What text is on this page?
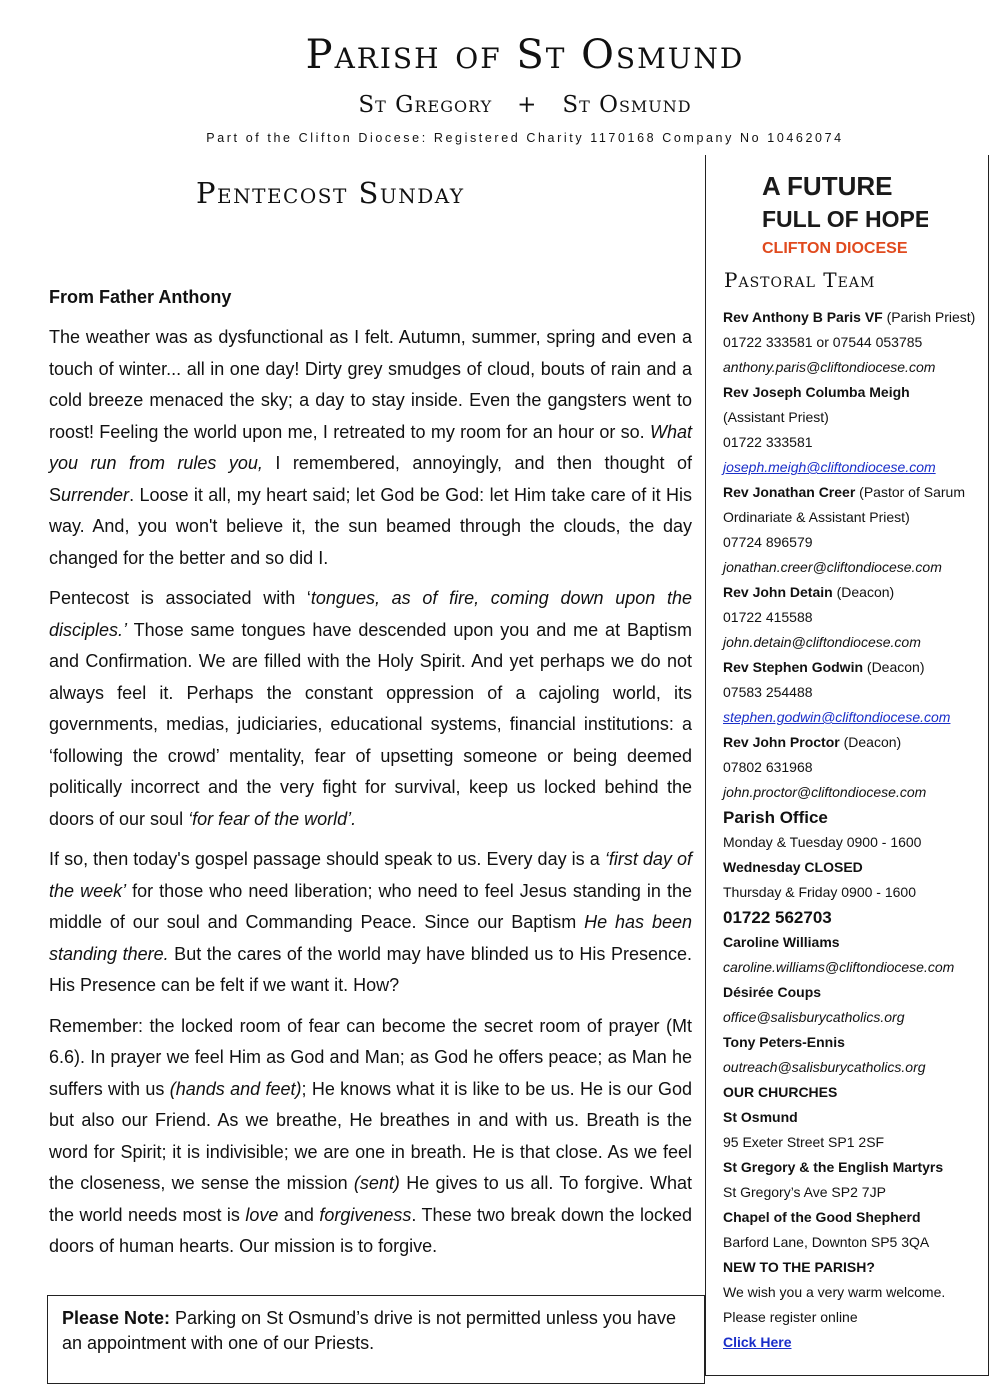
Parish of St Osmund
St Gregory   +   St Osmund
Part of the Clifton Diocese: Registered Charity 1170168 Company No 10462074
Pentecost Sunday
From Father Anthony

The weather was as dysfunctional as I felt. Autumn, summer, spring and even a touch of winter... all in one day! Dirty grey smudges of cloud, bouts of rain and a cold breeze menaced the sky; a day to stay inside. Even the gangsters went to roost! Feeling the world upon me, I retreated to my room for an hour or so. What you run from rules you, I remembered, annoyingly, and then thought of Surrender. Loose it all, my heart said; let God be God: let Him take care of it His way. And, you won't believe it, the sun beamed through the clouds, the day changed for the better and so did I.

Pentecost is associated with ‘tongues, as of fire, coming down upon the disciples.’ Those same tongues have descended upon you and me at Baptism and Confirmation. We are filled with the Holy Spirit. And yet perhaps we do not always feel it. Perhaps the constant oppression of a cajoling world, its governments, medias, judiciaries, educational systems, financial institutions: a ‘following the crowd’ mentality, fear of upsetting someone or being deemed politically incorrect and the very fight for survival, keep us locked behind the doors of our soul ‘for fear of the world’.

If so, then today's gospel passage should speak to us. Every day is a ‘first day of the week’ for those who need liberation; who need to feel Jesus standing in the middle of our soul and Commanding Peace. Since our Baptism He has been standing there. But the cares of the world may have blinded us to His Presence. His Presence can be felt if we want it. How?

Remember: the locked room of fear can become the secret room of prayer (Mt 6.6). In prayer we feel Him as God and Man; as God he offers peace; as Man he suffers with us (hands and feet); He knows what it is like to be us. He is our God but also our Friend. As we breathe, He breathes in and with us. Breath is the word for Spirit; it is indivisible; we are one in breath. He is that close. As we feel the closeness, we sense the mission (sent) He gives to us all. To forgive. What the world needs most is love and forgiveness. These two break down the locked doors of human hearts. Our mission is to forgive.

Please Note: Parking on St Osmund’s drive is not permitted unless you have an appointment with one of our Priests.
A FUTURE
FULL OF HOPE
CLIFTON DIOCESE
Pastoral Team
Rev Anthony B Paris VF (Parish Priest)
01722 333581 or 07544 053785
anthony.paris@cliftondiocese.com
Rev Joseph Columba Meigh
(Assistant Priest)
01722 333581
joseph.meigh@cliftondiocese.com
Rev Jonathan Creer (Pastor of Sarum
Ordinariate & Assistant Priest)
07724 896579
jonathan.creer@cliftondiocese.com
Rev John Detain (Deacon)
01722 415588
john.detain@cliftondiocese.com
Rev Stephen Godwin (Deacon)
07583 254488
stephen.godwin@cliftondiocese.com
Rev John Proctor (Deacon)
07802 631968
john.proctor@cliftondiocese.com
Parish Office
Monday & Tuesday 0900 - 1600
Wednesday CLOSED
Thursday & Friday 0900 - 1600
01722 562703
Caroline Williams
caroline.williams@cliftondiocese.com
Désirée Coups
office@salisburycatholics.org
Tony Peters-Ennis
outreach@salisburycatholics.org
OUR CHURCHES
St Osmund
95 Exeter Street SP1 2SF
St Gregory & the English Martyrs
St Gregory’s Ave SP2 7JP
Chapel of the Good Shepherd
Barford Lane, Downton SP5 3QA
NEW TO THE PARISH?
We wish you a very warm welcome.
Please register online
Click Here
